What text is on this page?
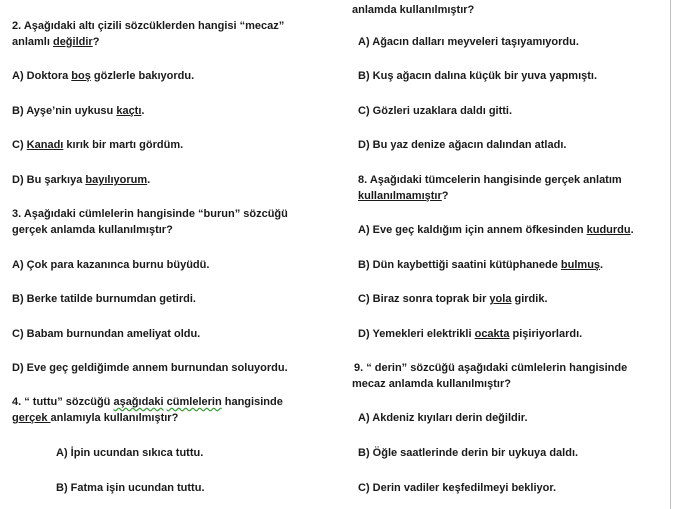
2. Aşağıdaki altı çizili sözcüklerden hangisi “mecaz”
anlamlı değildir?
A) Doktora boş gözlerle bakıyordu.
B) Ayşe’nin uykusu kaçtı.
C) Kanadı kırık bir martı gördüm.
D) Bu şarkıya bayılıyorum.
3. Aşağıdaki cümlelerin hangisinde “burun” sözcüğü
gerçek anlamda kullanılmıştır?
A) Çok para kazanınca burnu büyüdü.
B) Berke tatilde burnumdan getirdi.
C) Babam burnundan ameliyat oldu.
D) Eve geç geldiğimde annem burnundan soluyordu.
4. “ tuttu” sözcüğü aşağıdaki cümlelerin hangisinde
gerçek anlamıyla kullanılmıştır?
A) İpin ucundan sıkıca tuttu.
B) Fatma işin ucundan tuttu.
anlamda kullanılmıştır?
A) Ağacın dalları meyveleri taşıyamıyordu.
B) Kuş ağacın dalına küçük bir yuva yapmıştı.
C) Gözleri uzaklara daldı gitti.
D) Bu yaz denize ağacın dalından atladı.
8. Aşağıdaki tümcelerin hangisinde gerçek anlatım
kullanılmamıştır?
A) Eve geç kaldığım için annem öfkesinden kudurdu.
B) Dün kaybettiği saatini kütüphanede bulmuş.
C) Biraz sonra toprak bir yola girdik.
D) Yemekleri elektrikli ocakta pişiriyorlardı.
9. “ derin” sözcüğü aşağıdaki cümlelerin hangisinde
mecaz anlamda kullanılmıştır?
A) Akdeniz kıyıları derin değildir.
B) Öğle saatlerinde derin bir uykuya daldı.
C) Derin vadiler keşfedilmeyi bekliyor.
